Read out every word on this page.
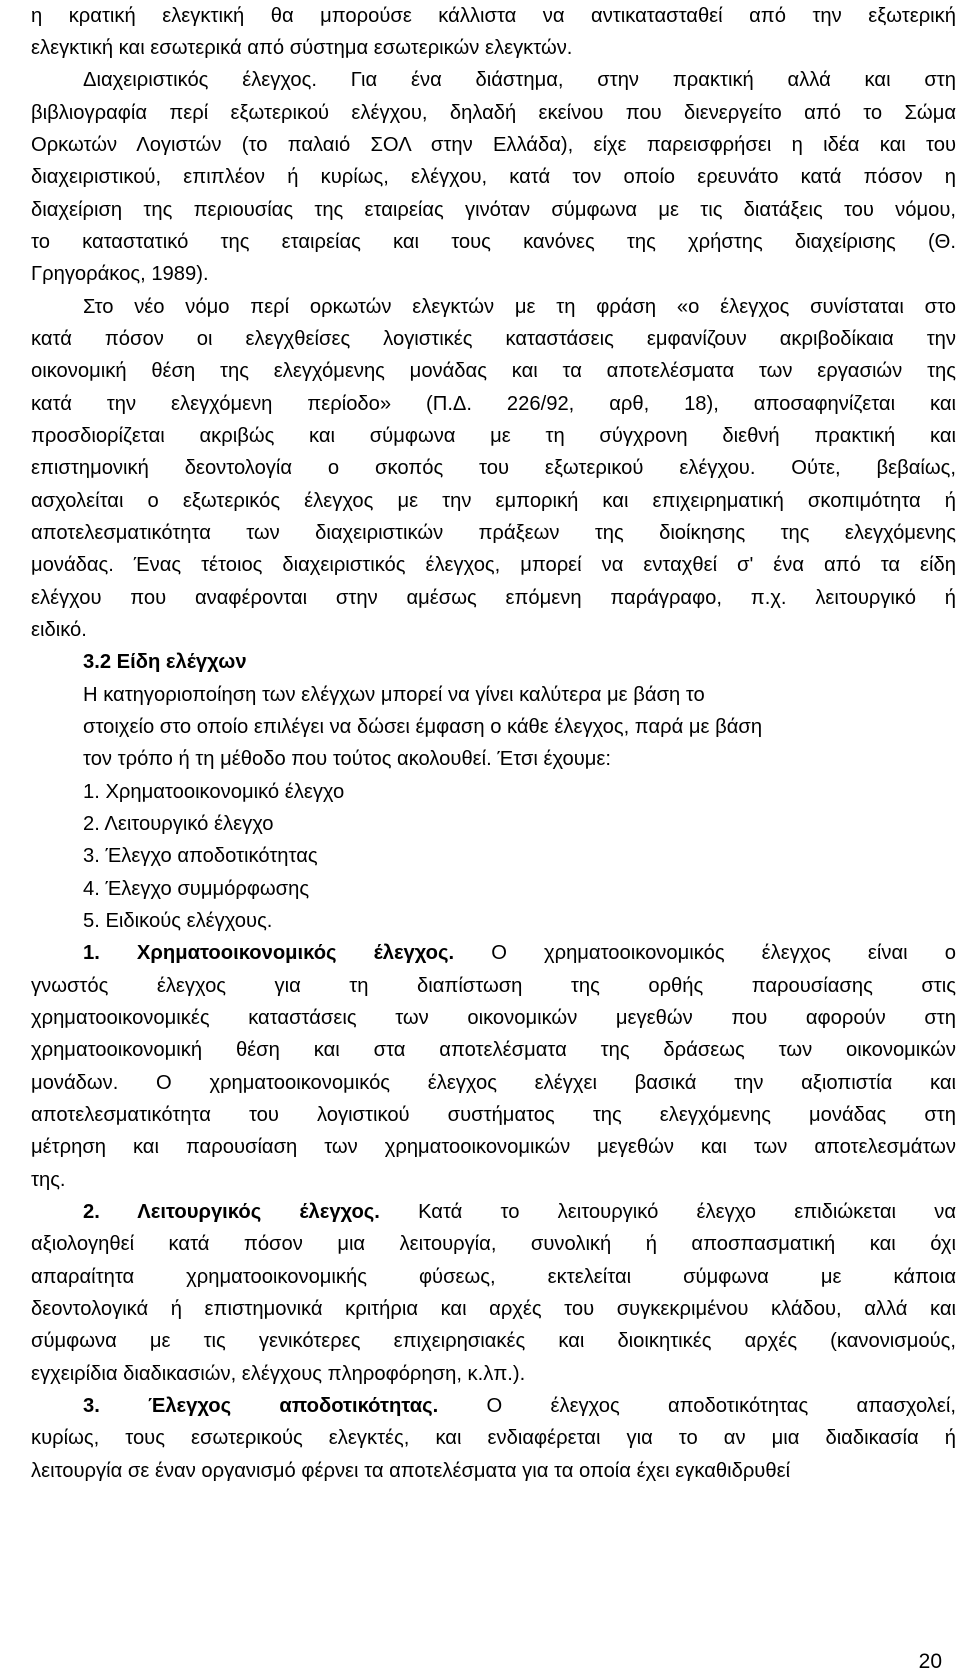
η κρατική ελεγκτική θα μπορούσε κάλλιστα να αντικατασταθεί από την εξωτερική
ελεγκτική και εσωτερικά από σύστημα εσωτερικών ελεγκτών.
Διαχειριστικός έλεγχος. Για ένα διάστημα, στην πρακτική αλλά και στη
βιβλιογραφία περί εξωτερικού ελέγχου, δηλαδή εκείνου που διενεργείτο από το Σώμα
Ορκωτών Λογιστών (το παλαιό ΣΟΛ στην Ελλάδα), είχε παρεισφρήσει η ιδέα και του
διαχειριστικού, επιπλέον ή κυρίως, ελέγχου, κατά τον οποίο ερευνάτο κατά πόσον η
διαχείριση της περιουσίας της εταιρείας γινόταν σύμφωνα με τις διατάξεις του νόμου,
το καταστατικό της εταιρείας και τους κανόνες της χρήστης διαχείρισης (Θ.
Γρηγοράκος, 1989).
Στο νέο νόμο περί ορκωτών ελεγκτών με τη φράση «ο έλεγχος συνίσταται στο
κατά πόσον οι ελεγχθείσες λογιστικές καταστάσεις εμφανίζουν ακριβοδίκαια την
οικονομική θέση της ελεγχόμενης μονάδας και τα αποτελέσματα των εργασιών της
κατά την ελεγχόμενη περίοδο» (Π.Δ. 226/92, αρθ, 18), αποσαφηνίζεται και
προσδιορίζεται ακριβώς και σύμφωνα με τη σύγχρονη διεθνή πρακτική και
επιστημονική δεοντολογία ο σκοπός του εξωτερικού ελέγχου. Ούτε, βεβαίως,
ασχολείται ο εξωτερικός έλεγχος με την εμπορική και επιχειρηματική σκοπιμότητα ή
αποτελεσματικότητα των διαχειριστικών πράξεων της διοίκησης της ελεγχόμενης
μονάδας. Ένας τέτοιος διαχειριστικός έλεγχος, μπορεί να ενταχθεί σ' ένα από τα είδη
ελέγχου που αναφέρονται στην αμέσως επόμενη παράγραφο, π.χ. λειτουργικό ή
ειδικό.
3.2 Είδη ελέγχων
Η κατηγοριοποίηση των ελέγχων μπορεί να γίνει καλύτερα με βάση το
στοιχείο στο οποίο επιλέγει να δώσει έμφαση ο κάθε έλεγχος, παρά με βάση
τον τρόπο ή τη μέθοδο που τούτος ακολουθεί. Έτσι έχουμε:
1. Χρηματοοικονομικό έλεγχο
2. Λειτουργικό έλεγχο
3. Έλεγχο αποδοτικότητας
4. Έλεγχο συμμόρφωσης
5. Ειδικούς ελέγχους.
1. Χρηματοοικονομικός έλεγχος. Ο χρηματοοικονομικός έλεγχος είναι ο
γνωστός έλεγχος για τη διαπίστωση της ορθής παρουσίασης στις
χρηματοοικονομικές καταστάσεις των οικονομικών μεγεθών που αφορούν στη
χρηματοοικονομική θέση και στα αποτελέσματα της δράσεως των οικονομικών
μονάδων. Ο χρηματοοικονομικός έλεγχος ελέγχει βασικά την αξιοπιστία και
αποτελεσματικότητα του λογιστικού συστήματος της ελεγχόμενης μονάδας στη
μέτρηση και παρουσίαση των χρηματοοικονομικών μεγεθών και των αποτελεσμάτων
της.
2. Λειτουργικός έλεγχος. Κατά το λειτουργικό έλεγχο επιδιώκεται να
αξιολογηθεί κατά πόσον μια λειτουργία, συνολική ή αποσπασματική και όχι
απαραίτητα χρηματοοικονομικής φύσεως, εκτελείται σύμφωνα με κάποια
δεοντολογικά ή επιστημονικά κριτήρια και αρχές του συγκεκριμένου κλάδου, αλλά και
σύμφωνα με τις γενικότερες επιχειρησιακές και διοικητικές αρχές (κανονισμούς,
εγχειρίδια διαδικασιών, ελέγχους πληροφόρηση, κ.λπ.).
3. Έλεγχος αποδοτικότητας. Ο έλεγχος αποδοτικότητας απασχολεί,
κυρίως, τους εσωτερικούς ελεγκτές, και ενδιαφέρεται για το αν μια διαδικασία ή
λειτουργία σε έναν οργανισμό φέρνει τα αποτελέσματα για τα οποία έχει εγκαθιδρυθεί
20
